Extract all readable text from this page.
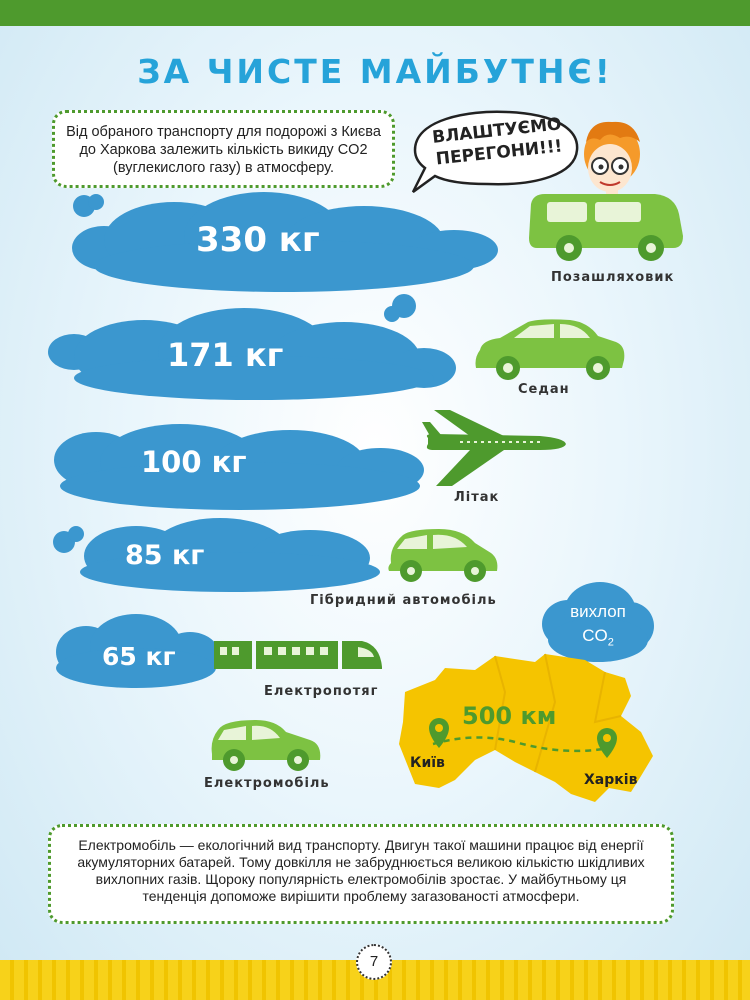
ЗА ЧИСТЕ МАЙБУТНЄ!
Від обраного транспорту для подорожі з Києва до Харкова залежить кількість викиду CO2 (вуглекислого газу) в атмосферу.
ВЛАШТУЄМО ПЕРЕГОНИ!!!
330 кг
171 кг
100 кг
85 кг
65 кг
Позашляховик
Седан
Літак
Гібридний автомобіль
Електропотяг
Електромобіль
вихлоп
$CO_2$
500 км
Київ
Харків
Електромобіль — екологічний вид транспорту. Двигун такої машини працює від енергії акумуляторних батарей. Тому довкілля не забруднюється великою кількістю шкідливих вихлопних газів. Щороку популярність електромобілів зростає. У майбутньому ця тенденція допоможе вирішити проблему загазованості атмосфери.
7
